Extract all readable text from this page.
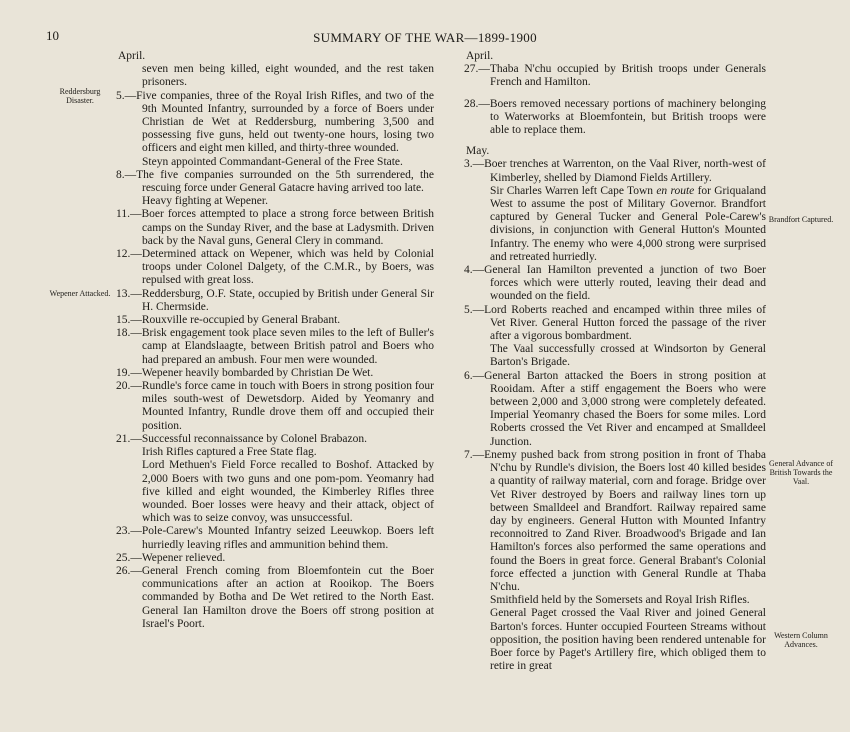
10	SUMMARY OF THE WAR—1899-1900
Reddersburg Disaster.
Wepener Attacked.
Brandfort Captured.
General Advance of British Towards the Vaal.
Western Column Advances.
April.
seven men being killed, eight wounded, and the rest taken prisoners.
5.—Five companies, three of the Royal Irish Rifles, and two of the 9th Mounted Infantry, surrounded by a force of Boers under Christian de Wet at Reddersburg, numbering 3,500 and possessing five guns, held out twenty-one hours, losing two officers and eight men killed, and thirty-three wounded.
Steyn appointed Commandant-General of the Free State.
8.—The five companies surrounded on the 5th surrendered, the rescuing force under General Gatacre having arrived too late.
Heavy fighting at Wepener.
11.—Boer forces attempted to place a strong force between British camps on the Sunday River, and the base at Ladysmith. Driven back by the Naval guns, General Clery in command.
12.—Determined attack on Wepener, which was held by Colonial troops under Colonel Dalgety, of the C.M.R., by Boers, was repulsed with great loss.
13.—Reddersburg, O.F. State, occupied by British under General Sir H. Chermside.
15.—Rouxville re-occupied by General Brabant.
18.—Brisk engagement took place seven miles to the left of Buller's camp at Elandslaagte, between British patrol and Boers who had prepared an ambush. Four men were wounded.
19.—Wepener heavily bombarded by Christian De Wet.
20.—Rundle's force came in touch with Boers in strong position four miles south-west of Dewetsdorp. Aided by Yeomanry and Mounted Infantry, Rundle drove them off and occupied their position.
21.—Successful reconnaissance by Colonel Brabazon.
Irish Rifles captured a Free State flag.
Lord Methuen's Field Force recalled to Boshof. Attacked by 2,000 Boers with two guns and one pom-pom. Yeomanry had five killed and eight wounded, the Kimberley Rifles three wounded. Boer losses were heavy and their attack, object of which was to seize convoy, was unsuccessful.
23.—Pole-Carew's Mounted Infantry seized Leeuwkop. Boers left hurriedly leaving rifles and ammunition behind them.
25.—Wepener relieved.
26.—General French coming from Bloemfontein cut the Boer communications after an action at Rooikop. The Boers commanded by Botha and De Wet retired to the North East. General Ian Hamilton drove the Boers off strong position at Israel's Poort.
April.
27.—Thaba N'chu occupied by British troops under Generals French and Hamilton.
28.—Boers removed necessary portions of machinery belonging to Waterworks at Bloemfontein, but British troops were able to replace them.
May.
3.—Boer trenches at Warrenton, on the Vaal River, north-west of Kimberley, shelled by Diamond Fields Artillery.
Sir Charles Warren left Cape Town en route for Griqualand West to assume the post of Military Governor. Brandfort captured by General Tucker and General Pole-Carew's divisions, in conjunction with General Hutton's Mounted Infantry. The enemy who were 4,000 strong were surprised and retreated hurriedly.
4.—General Ian Hamilton prevented a junction of two Boer forces which were utterly routed, leaving their dead and wounded on the field.
5.—Lord Roberts reached and encamped within three miles of Vet River. General Hutton forced the passage of the river after a vigorous bombardment.
The Vaal successfully crossed at Windsorton by General Barton's Brigade.
6.—General Barton attacked the Boers in strong position at Rooidam. After a stiff engagement the Boers who were between 2,000 and 3,000 strong were completely defeated. Imperial Yeomanry chased the Boers for some miles. Lord Roberts crossed the Vet River and encamped at Smalldeel Junction.
7.—Enemy pushed back from strong position in front of Thaba N'chu by Rundle's division, the Boers lost 40 killed besides a quantity of railway material, corn and forage. Bridge over Vet River destroyed by Boers and railway lines torn up between Smalldeel and Brandfort. Railway repaired same day by engineers. General Hutton with Mounted Infantry reconnoitred to Zand River. Broadwood's Brigade and Ian Hamilton's forces also performed the same operations and found the Boers in great force. General Brabant's Colonial force effected a junction with General Rundle at Thaba N'chu.
Smithfield held by the Somersets and Royal Irish Rifles.
General Paget crossed the Vaal River and joined General Barton's forces. Hunter occupied Fourteen Streams without opposition, the position having been rendered untenable for Boer force by Paget's Artillery fire, which obliged them to retire in great
